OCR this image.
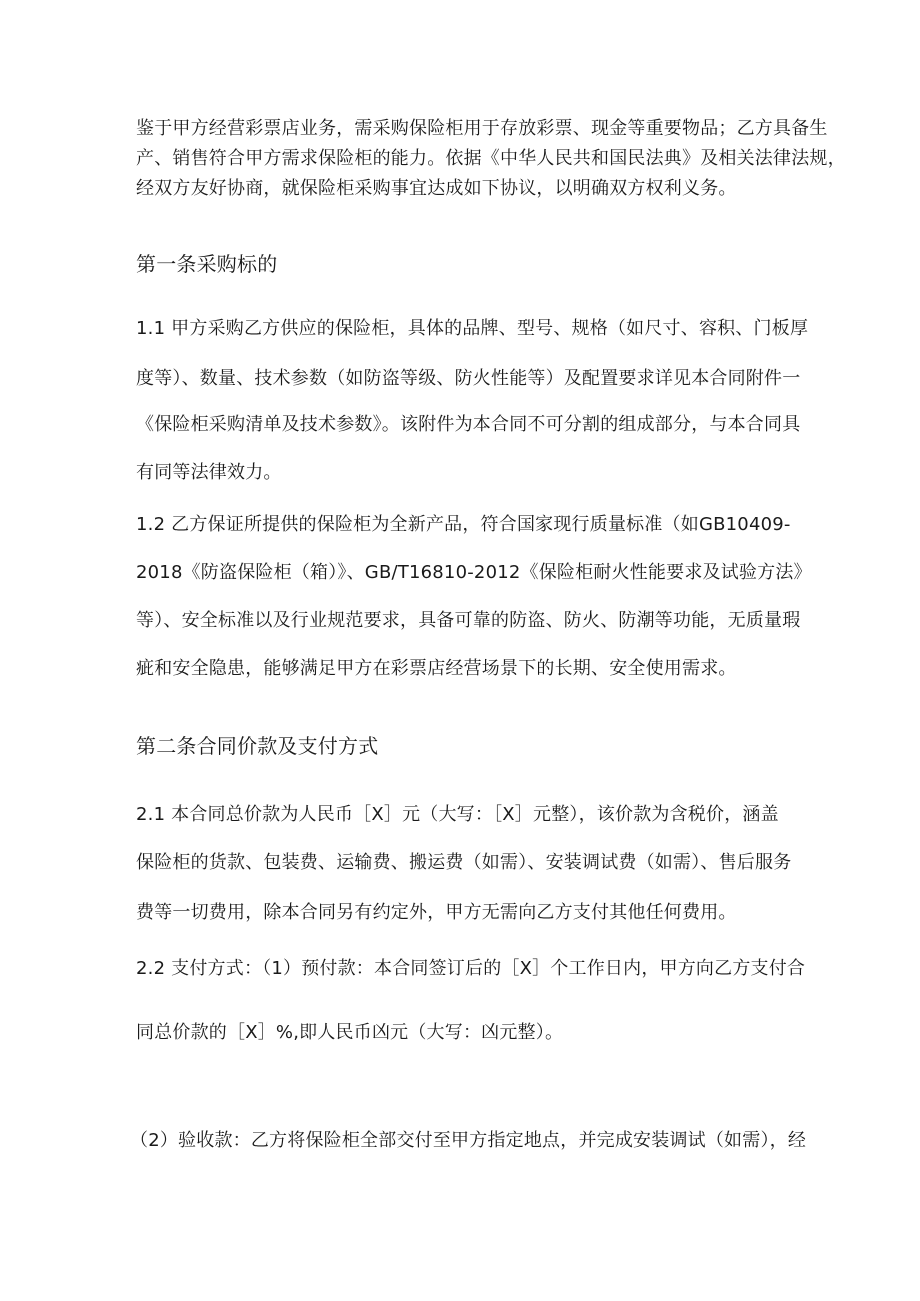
鉴于甲方经营彩票店业务，需采购保险柜用于存放彩票、现金等重要物品；乙方具备生

产、销售符合甲方需求保险柜的能力。依据《中华人民共和国民法典》及相关法律法规，

经双方友好协商，就保险柜采购事宜达成如下协议，以明确双方权利义务。

第一条采购标的

1.1 甲方采购乙方供应的保险柜，具体的品牌、型号、规格（如尺寸、容积、门板厚

度等）、数量、技术参数（如防盗等级、防火性能等）及配置要求详见本合同附件一

《保险柜采购清单及技术参数》。该附件为本合同不可分割的组成部分，与本合同具

有同等法律效力。

1.2 乙方保证所提供的保险柜为全新产品，符合国家现行质量标准（如GB10409-

2018《防盗保险柜（箱）》、GB/T16810-2012《保险柜耐火性能要求及试验方法》

等）、安全标准以及行业规范要求，具备可靠的防盗、防火、防潮等功能，无质量瑕

疵和安全隐患，能够满足甲方在彩票店经营场景下的长期、安全使用需求。

第二条合同价款及支付方式

2.1 本合同总价款为人民币［X］元（大写：［X］元整），该价款为含税价，涵盖

保险柜的货款、包装费、运输费、搬运费（如需）、安装调试费（如需）、售后服务

费等一切费用，除本合同另有约定外，甲方无需向乙方支付其他任何费用。

2.2 支付方式：（1）预付款：本合同签订后的［X］个工作日内，甲方向乙方支付合

同总价款的［X］%,即人民币凶元（大写：凶元整）。

（2）验收款：乙方将保险柜全部交付至甲方指定地点，并完成安装调试（如需），经
